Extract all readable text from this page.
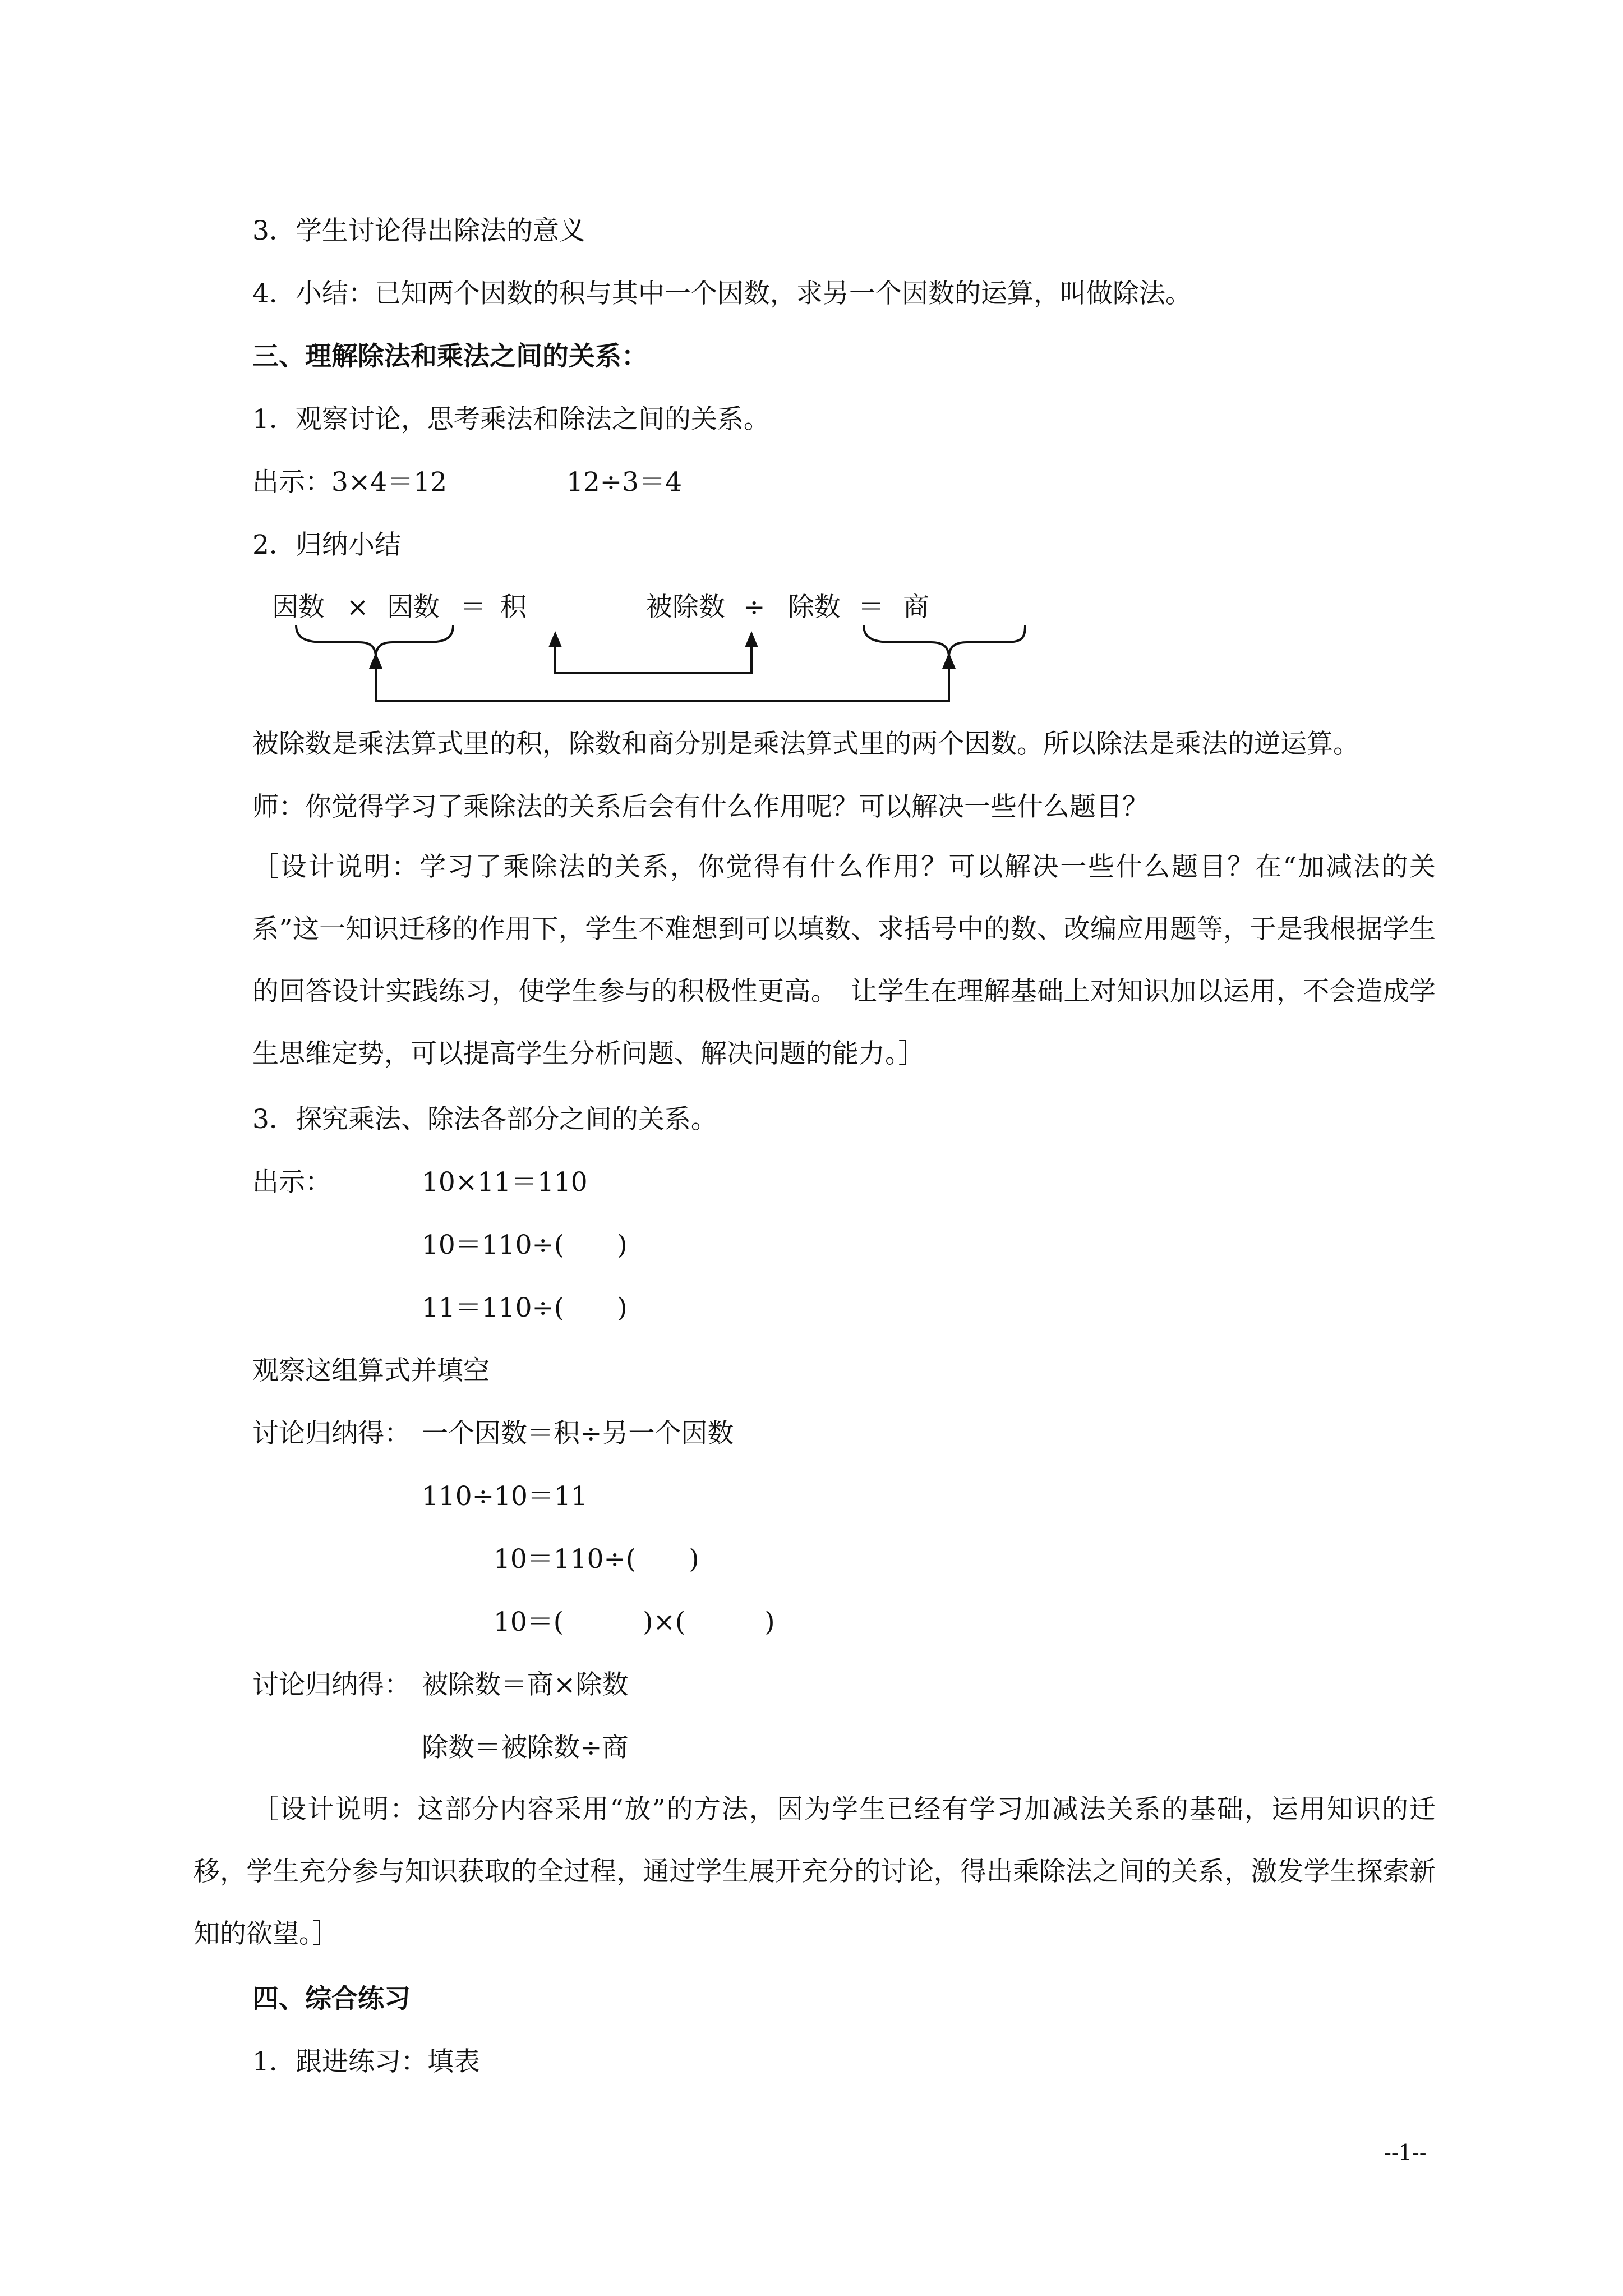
3．学生讨论得出除法的意义
4．小结：已知两个因数的积与其中一个因数，求另一个因数的运算，叫做除法。
三、理解除法和乘法之间的关系：
1．观察讨论，思考乘法和除法之间的关系。
出示：3×4＝12	12÷3＝4
2．归纳小结
因数 × 因数 ＝ 积	被除数 ÷ 除数 ＝ 商
被除数是乘法算式里的积，除数和商分别是乘法算式里的两个因数。所以除法是乘法的逆运算。
师：你觉得学习了乘除法的关系后会有什么作用呢？可以解决一些什么题目？
［设计说明：学习了乘除法的关系，你觉得有什么作用？可以解决一些什么题目？在“加减法的关系”这一知识迁移的作用下，学生不难想到可以填数、求括号中的数、改编应用题等，于是我根据学生的回答设计实践练习，使学生参与的积极性更高。　让学生在理解基础上对知识加以运用，不会造成学生思维定势，可以提高学生分析问题、解决问题的能力。］
3．探究乘法、除法各部分之间的关系。
出示：	10×11＝110
10＝110÷(　　)
11＝110÷(　　)
观察这组算式并填空
讨论归纳得： 一个因数＝积÷另一个因数
110÷10＝11
10＝110÷(　　)
10＝(　　　)×(　　　)
讨论归纳得： 被除数＝商×除数
除数＝被除数÷商
［设计说明：这部分内容采用“放”的方法，因为学生已经有学习加减法关系的基础，运用知识的迁移，学生充分参与知识获取的全过程，通过学生展开充分的讨论，得出乘除法之间的关系，激发学生探索新知的欲望。］
四、综合练习
1．跟进练习：填表
--1--
